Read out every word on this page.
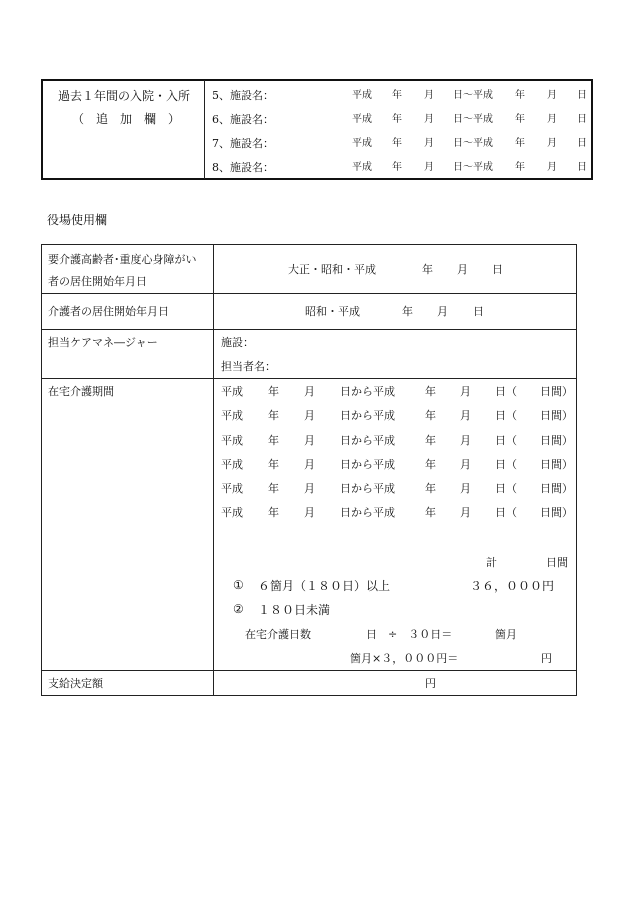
過去１年間の入院・入所
（　追　加　欄　）
5、施設名：	平成 年 月 日～平成 年 月 日
6、施設名：	平成 年 月 日～平成 年 月 日
7、施設名：	平成 年 月 日～平成 年 月 日
8、施設名：	平成 年 月 日～平成 年 月 日
役場使用欄
要介護高齢者･重度心身障がい
者の居住開始年月日
大正・昭和・平成	年 月 日
介護者の居住開始年月日	昭和・平成	年 月 日
担当ケアマネ―ジャー	施設：
担当者名：
在宅介護期間	平成 年 月 日から平成	年 月 日（ 日間）
平成 年 月 日から平成	年 月 日（ 日間）
平成 年 月 日から平成	年 月 日（ 日間）
平成 年 月 日から平成	年 月 日（ 日間）
平成 年 月 日から平成	年 月 日（ 日間）
平成 年 月 日から平成	年 月 日（ 日間）
計	日間
① ６箇月（１８０日）以上	３６，０００円
② １８０日未満
在宅介護日数	日 ÷　３０日＝	箇月
箇月×３，０００円＝	円
支給決定額	円
